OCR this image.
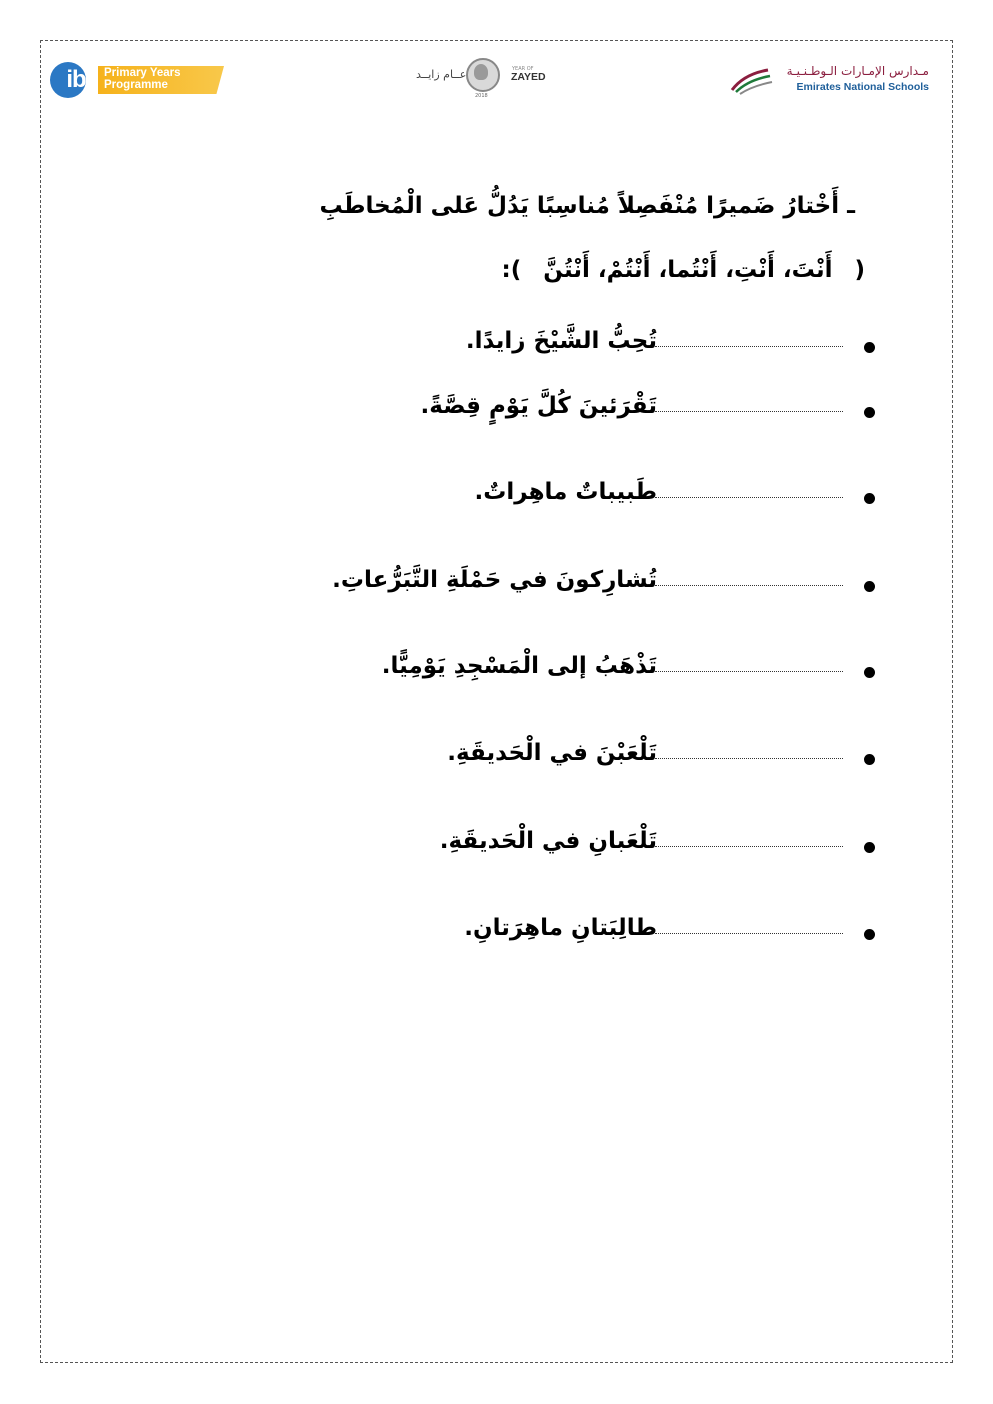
Primary Years
Programme
ib	عــام زايــد
2018
YEAR OF
ZAYED	مـدارس الإمـارات الـوطـنـيـة
Emirates National Schools
ـ أَخْتارُ ضَميرًا مُنْفَصِلاً مُناسِبًا يَدُلُّ عَلى الْمُخاطَبِ
(أَنْتَ، أَنْتِ، أَنْتُما، أَنْتُمْ، أَنْتُنَّ):
تُحِبُّ الشَّيْخَ زايدًا.
تَقْرَئينَ كُلَّ يَوْمٍ قِصَّةً.
طَبيباتٌ ماهِراتٌ.
تُشارِكونَ في حَمْلَةِ التَّبَرُّعاتِ.
تَذْهَبُ إلى الْمَسْجِدِ يَوْمِيًّا.
تَلْعَبْنَ في الْحَديقَةِ.
تَلْعَبانِ في الْحَديقَةِ.
طالِبَتانِ ماهِرَتانِ.
